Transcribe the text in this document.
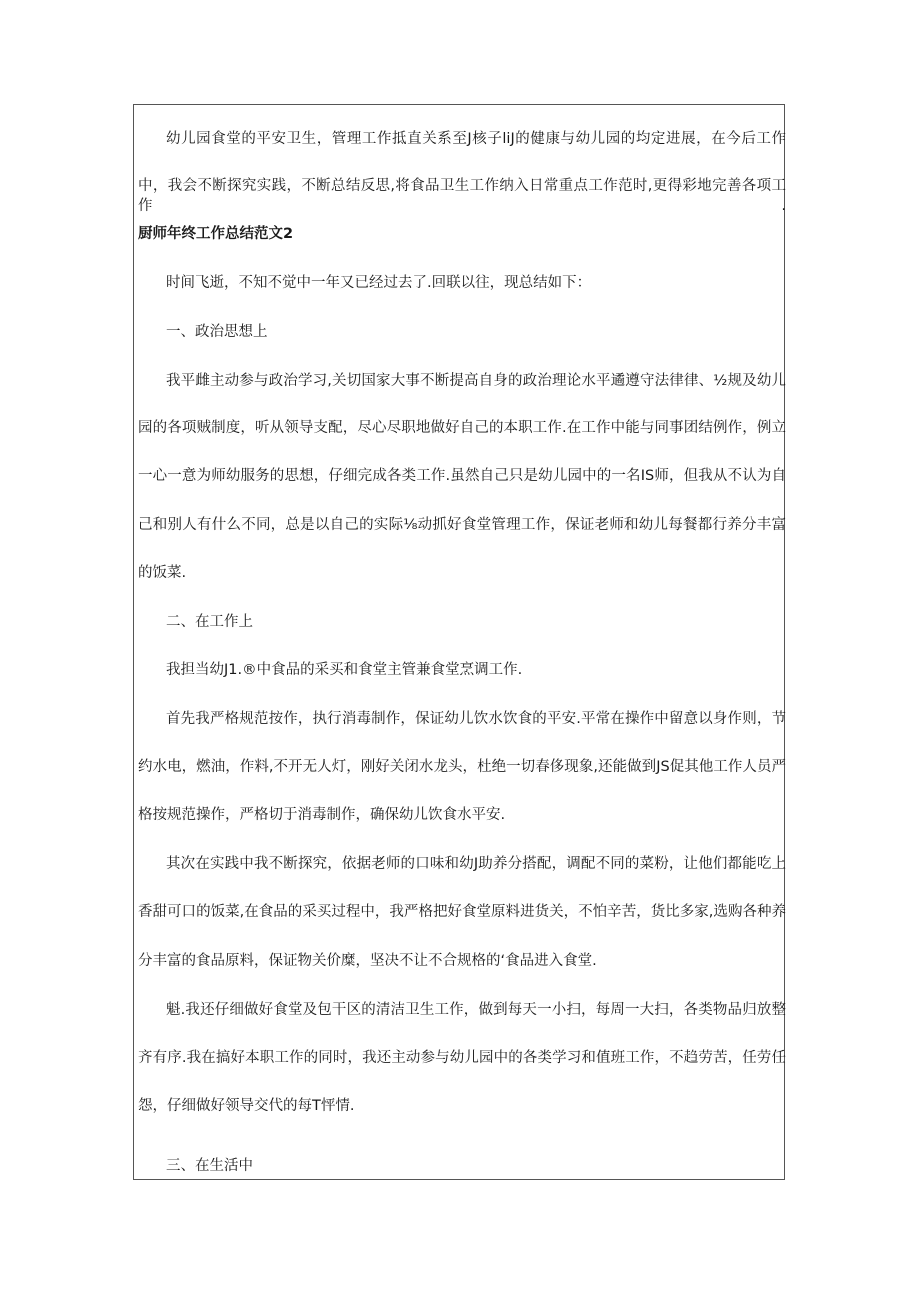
幼儿园食堂的平安卫生，管理工作抵直关系至J核子liJ的健康与幼儿园的均定进展，在今后工作
中，我会不断探究实践，不断总结反思,将食品卫生工作纳入日常重点工作范时,更得彩地完善各项工作.
厨师年终工作总结范文2
时间飞逝，不知不觉中一年又已经过去了.回联以往，现总结如下：
一、政治思想上
我平雌主动参与政治学习,关切国家大事不断提高自身的政治理论水平遹遵守法律律、½规及幼儿
园的各项贼制度，听从领导支配，尽心尽职地做好自己的本职工作.在工作中能与同事团结例作，例立
一心一意为师幼服务的思想，仔细完成各类工作.虽然自己只是幼儿园中的一名IS师，但我从不认为自
己和别人有什么不同，总是以自己的实际⅛动抓好食堂管理工作，保证老师和幼儿每餐都行养分丰富
的饭菜.
二、在工作上
我担当幼J1.®中食品的采买和食堂主管兼食堂烹调工作.
首先我严格规范按作，执行消毒制作，保证幼儿饮水饮食的平安.平常在操作中留意以身作则，节
约水电，燃油，作料,不开无人灯，刚好关闭水龙头，杜绝一切春侈现象,还能做到JS促其他工作人员严
格按规范操作，严格切于消毒制作，确保幼儿饮食水平安.
其次在实践中我不断探究，依据老师的口味和幼J助养分搭配，调配不同的菜粉，让他们都能吃上
香甜可口的饭菜,在食品的采买过程中，我严格把好食堂原料进货关，不怕辛苦，货比多家,选购各种养
分丰富的食品原料，保证物关价糜，坚决不让不合规格的‘食品进入食堂.
魁.我还仔细做好食堂及包干区的清洁卫生工作，做到每天一小扫，每周一大扫，各类物品归放整
齐有序.我在搞好本职工作的同时，我还主动参与幼儿园中的各类学习和值班工作，不趋劳苦，任劳任
怨，仔细做好领导交代的每T怦情.
三、在生活中
